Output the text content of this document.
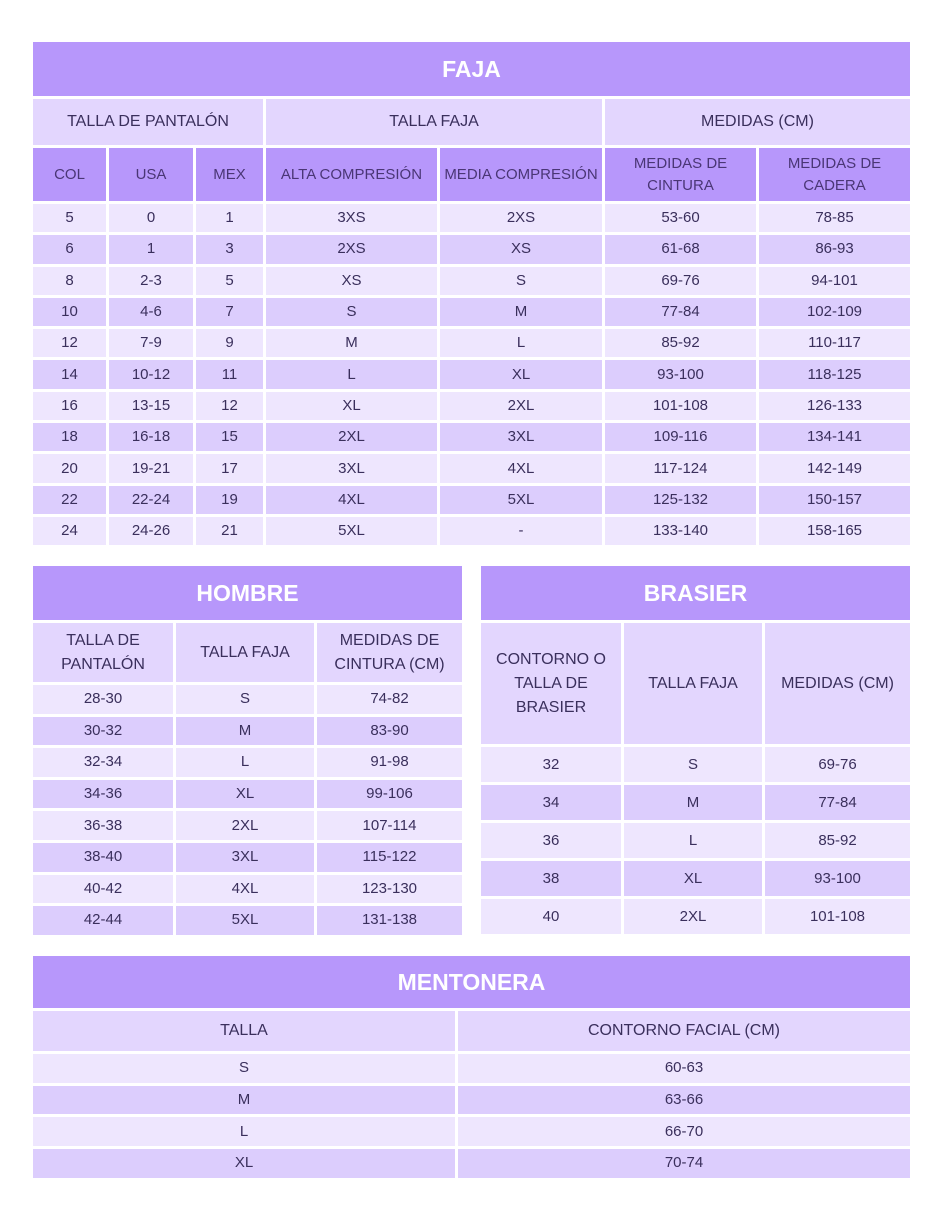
FAJA						
TALLA DE PANTALÓN			TALLA FAJA		MEDIDAS (CM)	
COL	USA	MEX	ALTA COMPRESIÓN	MEDIA COMPRESIÓN	MEDIDAS DE CINTURA	MEDIDAS DE CADERA
5	0	1	3XS	2XS	53-60	78-85
6	1	3	2XS	XS	61-68	86-93
8	2-3	5	XS	S	69-76	94-101
10	4-6	7	S	M	77-84	102-109
12	7-9	9	M	L	85-92	110-117
14	10-12	11	L	XL	93-100	118-125
16	13-15	12	XL	2XL	101-108	126-133
18	16-18	15	2XL	3XL	109-116	134-141
20	19-21	17	3XL	4XL	117-124	142-149
22	22-24	19	4XL	5XL	125-132	150-157
24	24-26	21	5XL	-	133-140	158-165
HOMBRE		
TALLA DE PANTALÓN	TALLA FAJA	MEDIDAS DE CINTURA (CM)
28-30	S	74-82
30-32	M	83-90
32-34	L	91-98
34-36	XL	99-106
36-38	2XL	107-114
38-40	3XL	115-122
40-42	4XL	123-130
42-44	5XL	131-138
BRASIER		
CONTORNO O TALLA DE BRASIER	TALLA FAJA	MEDIDAS (CM)
32	S	69-76
34	M	77-84
36	L	85-92
38	XL	93-100
40	2XL	101-108
MENTONERA	
TALLA	CONTORNO FACIAL (CM)
S	60-63
M	63-66
L	66-70
XL	70-74
